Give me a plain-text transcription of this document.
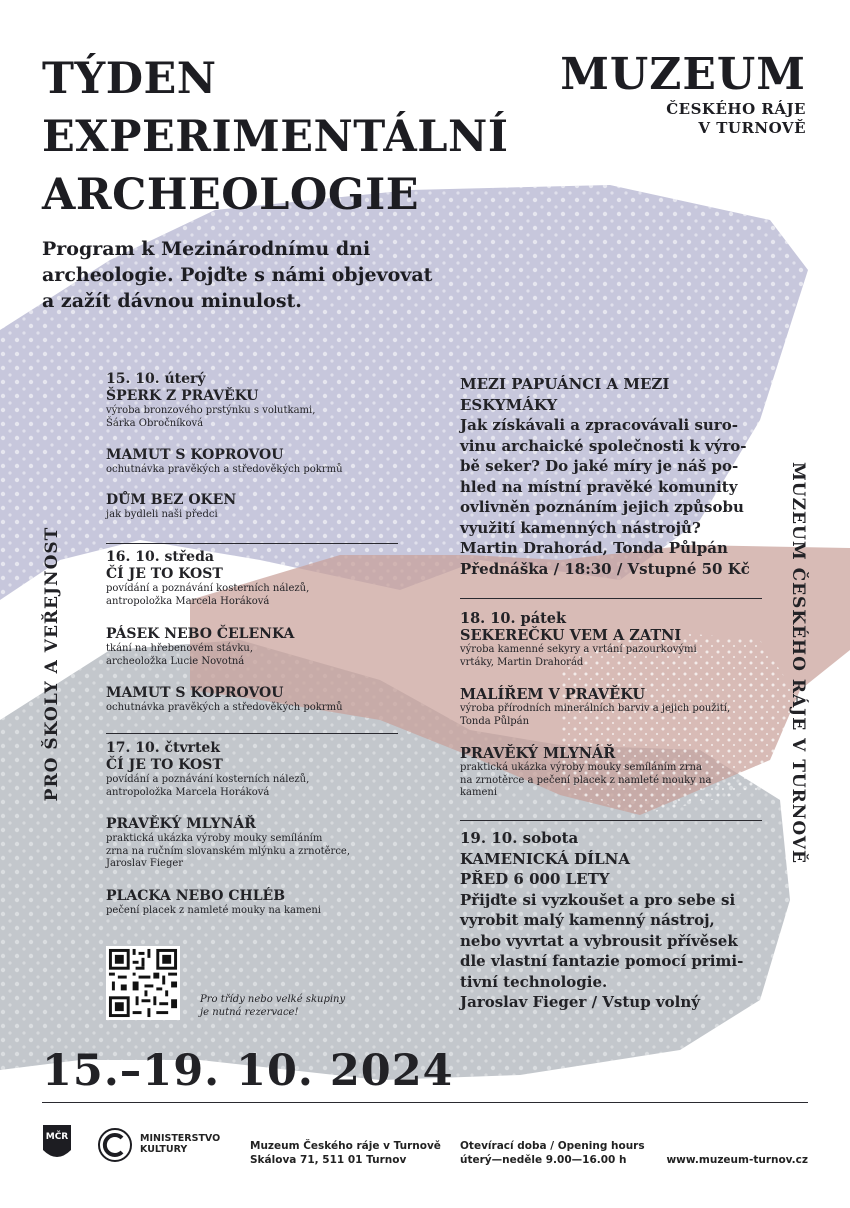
TÝDEN
EXPERIMENTÁLNÍ
ARCHEOLOGIE
MUZEUM
ČESKÉHO RÁJE
V TURNOVĚ
Program k Mezinárodnímu dni
archeologie. Pojďte s námi objevovat
a zažít dávnou minulost.
PRO ŠKOLY A VEŘEJNOST	MUZEUM ČESKÉHO RÁJE V TURNOVĚ
15. 10. úterý
ŠPERK Z PRAVĚKU
výroba bronzového prstýnku s volutkami,
Šárka Obročníková
MAMUT S KOPROVOU
ochutnávka pravěkých a středověkých pokrmů
DŮM BEZ OKEN
jak bydleli naši předci
16. 10. středa
ČÍ JE TO KOST
povídání a poznávání kosterních nálezů,
antropoložka Marcela Horáková
PÁSEK NEBO ČELENKA
tkání na hřebenovém stávku,
archeoložka Lucie Novotná
MAMUT S KOPROVOU
ochutnávka pravěkých a středověkých pokrmů
17. 10. čtvrtek
ČÍ JE TO KOST
povídání a poznávání kosterních nálezů,
antropoložka Marcela Horáková
PRAVĚKÝ MLYNÁŘ
praktická ukázka výroby mouky semíláním
zrna na ručním slovanském mlýnku a zrnotěrce,
Jaroslav Fieger
PLACKA NEBO CHLÉB
pečení placek z namleté mouky na kameni
Pro třídy nebo velké skupiny
je nutná rezervace!
MEZI PAPUÁNCI A MEZI
ESKYMÁKY
Jak získávali a zpracovávali suro-
vinu archaické společnosti k výro-
bě seker? Do jaké míry je náš po-
hled na místní pravěké komunity
ovlivněn poznáním jejich způsobu
využití kamenných nástrojů?
Martin Drahorád, Tonda Půlpán
Přednáška / 18:30 / Vstupné 50 Kč
18. 10. pátek
SEKEREČKU VEM A ZATNI
výroba kamenné sekyry a vrtání pazourkovými
vrtáky, Martin Drahorád
MALÍŘEM V PRAVĚKU
výroba přírodních minerálních barviv a jejich použití,
Tonda Půlpán
PRAVĚKÝ MLYNÁŘ
praktická ukázka výroby mouky semíláním zrna
na zrnotěrce a pečení placek z namleté mouky na
kameni
19. 10. sobota
KAMENICKÁ DÍLNA
PŘED 6 000 LETY
Přijďte si vyzkoušet a pro sebe si
vyrobit malý kamenný nástroj,
nebo vyvrtat a vybrousit přívěsek
dle vlastní fantazie pomocí primi-
tivní technologie.
Jaroslav Fieger / Vstup volný
15.–19. 10. 2024
MČR	MINISTERSTVO
KULTURY	Muzeum Českého ráje v Turnově
Skálova 71, 511 01 Turnov
Otevírací doba / Opening hours
úterý—neděle 9.00—16.00 h	www.muzeum-turnov.cz
